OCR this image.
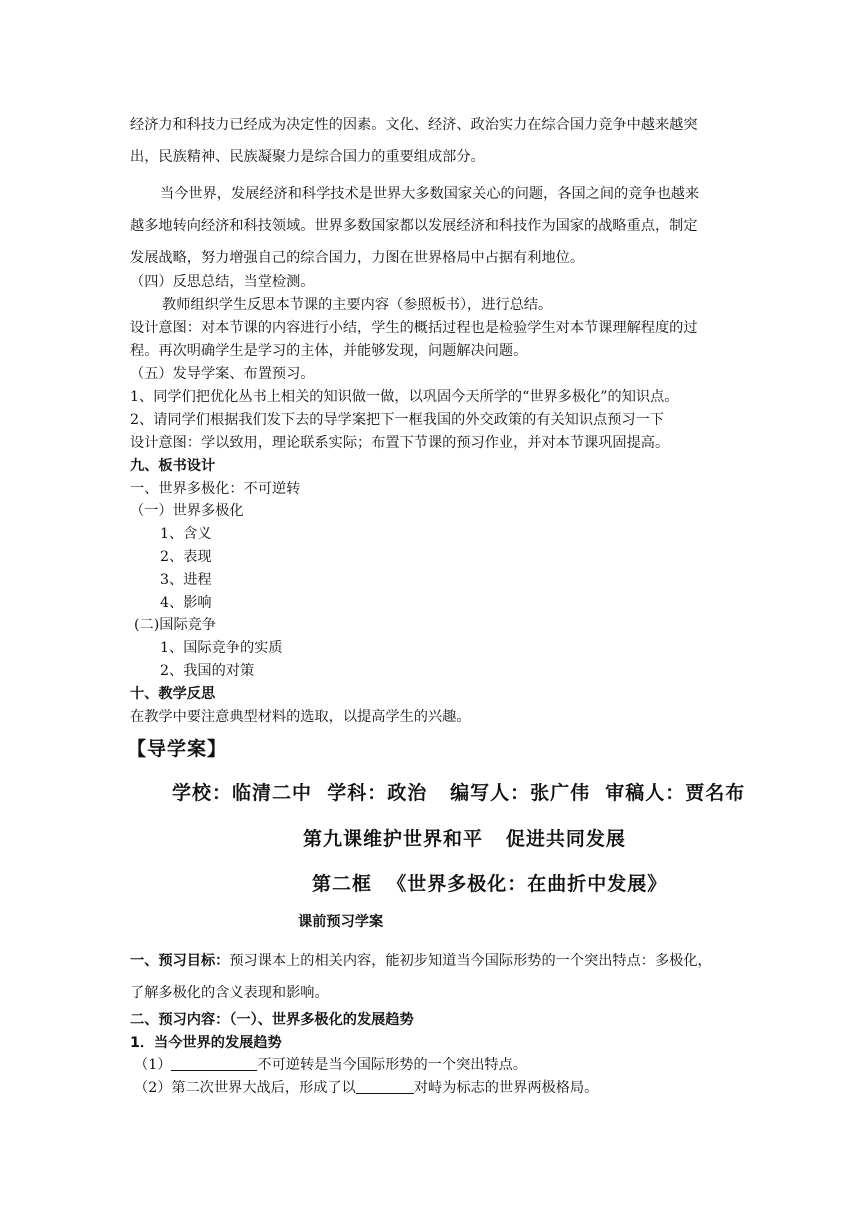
经济力和科技力已经成为决定性的因素。文化、经济、政治实力在综合国力竞争中越来越突
出，民族精神、民族凝聚力是综合国力的重要组成部分。
当今世界，发展经济和科学技术是世界大多数国家关心的问题，各国之间的竞争也越来
越多地转向经济和科技领域。世界多数国家都以发展经济和科技作为国家的战略重点，制定
发展战略，努力增强自己的综合国力，力图在世界格局中占据有利地位。
（四）反思总结，当堂检测。
教师组织学生反思本节课的主要内容（参照板书），进行总结。
设计意图：对本节课的内容进行小结，学生的概括过程也是检验学生对本节课理解程度的过
程。再次明确学生是学习的主体，并能够发现，问题解决问题。
（五）发导学案、布置预习。
1、同学们把优化丛书上相关的知识做一做，以巩固今天所学的“世界多极化”的知识点。
2、请同学们根据我们发下去的导学案把下一框我国的外交政策的有关知识点预习一下
设计意图：学以致用，理论联系实际；布置下节课的预习作业，并对本节课巩固提高。
九、板书设计
一、世界多极化：不可逆转
（一）世界多极化
1、含义
2、表现
3、进程
4、影响
(二)国际竞争
1、国际竞争的实质
2、我国的对策
十、教学反思
在教学中要注意典型材料的选取，以提高学生的兴趣。
【导学案】
学校：临清二中  学科：政治   编写人：张广伟  审稿人：贾名布
第九课维护世界和平   促进共同发展
第二框  《世界多极化：在曲折中发展》
课前预习学案
一、预习目标：预习课本上的相关内容，能初步知道当今国际形势的一个突出特点：多极化，
了解多极化的含义表现和影响。
二、预习内容：（一）、世界多极化的发展趋势
1．当今世界的发展趋势
（1）	不可逆转是当今国际形势的一个突出特点。
（2）第二次世界大战后，形成了以	对峙为标志的世界两极格局。
